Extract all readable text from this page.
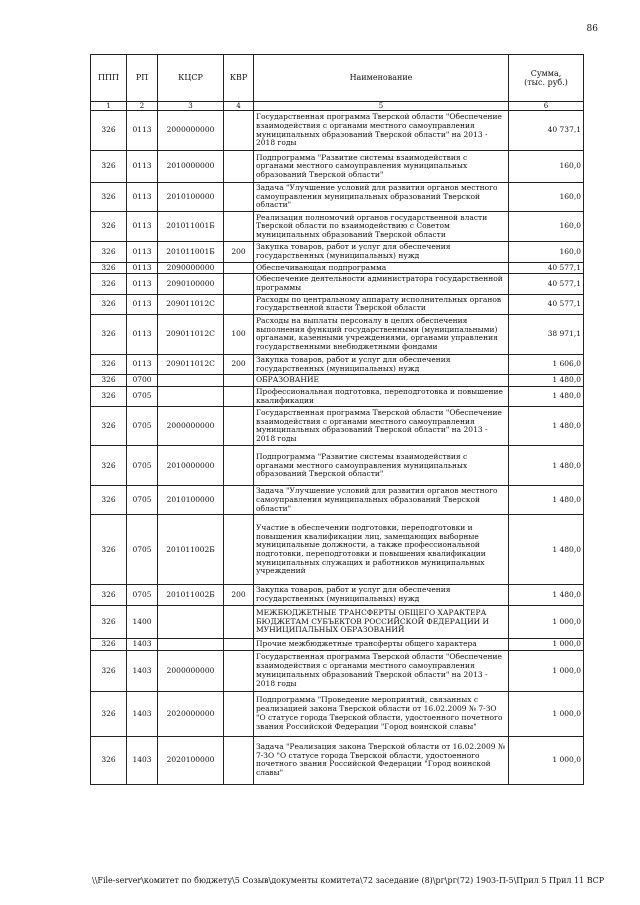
86
ППП	РП	КЦСР	КВР	Наименование	Сумма,
(тыс. руб.)
1	2	3	4	5	6
326	0113	2000000000		Государственная программа Тверской области "Обеспечение взаимодействия с органами местного самоуправления муниципальных образований Тверской области" на 2013 - 2018 годы	40 737,1
326	0113	2010000000		Подпрограмма "Развитие системы взаимодействия с органами местного самоуправления муниципальных образований Тверской области"	160,0
326	0113	2010100000		Задача "Улучшение условий для развития органов местного самоуправления муниципальных образований Тверской области"	160,0
326	0113	201011001Б		Реализация полномочий органов государственной власти Тверской области по взаимодействию с Советом муниципальных образований Тверской области	160,0
326	0113	201011001Б	200	Закупка товаров, работ и услуг для обеспечения государственных (муниципальных) нужд	160,0
326	0113	2090000000		Обеспечивающая подпрограмма	40 577,1
326	0113	2090100000		Обеспечение деятельности администратора государственной программы	40 577,1
326	0113	209011012С		Расходы по центральному аппарату исполнительных органов государственной власти Тверской области	40 577,1
326	0113	209011012С	100	Расходы на выплаты персоналу в целях обеспечения выполнения функций государственными (муниципальными) органами, казенными учреждениями, органами управления государственными внебюджетными фондами	38 971,1
326	0113	209011012С	200	Закупка товаров, работ и услуг для обеспечения государственных (муниципальных) нужд	1 606,0
326	0700			ОБРАЗОВАНИЕ	1 480,0
326	0705			Профессиональная подготовка, переподготовка и повышение квалификации	1 480,0
326	0705	2000000000		Государственная программа Тверской области "Обеспечение взаимодействия с органами местного самоуправления муниципальных образований Тверской области" на 2013 - 2018 годы	1 480,0
326	0705	2010000000		Подпрограмма "Развитие системы взаимодействия с органами местного самоуправления муниципальных образований Тверской области"	1 480,0
326	0705	2010100000		Задача "Улучшение условий для развития органов местного самоуправления муниципальных образований Тверской области"	1 480,0
326	0705	201011002Б		Участие в обеспечении подготовки, переподготовки и повышения квалификации лиц, замещающих выборные муниципальные должности, а также профессиональной подготовки, переподготовки и повышения квалификации муниципальных служащих и работников муниципальных учреждений	1 480,0
326	0705	201011002Б	200	Закупка товаров, работ и услуг для обеспечения государственных (муниципальных) нужд	1 480,0
326	1400			МЕЖБЮДЖЕТНЫЕ ТРАНСФЕРТЫ ОБЩЕГО ХАРАКТЕРА БЮДЖЕТАМ СУБЪЕКТОВ РОССИЙСКОЙ ФЕДЕРАЦИИ И МУНИЦИПАЛЬНЫХ ОБРАЗОВАНИЙ	1 000,0
326	1403			Прочие межбюджетные трансферты общего характера	1 000,0
326	1403	2000000000		Государственная программа Тверской области "Обеспечение взаимодействия с органами местного самоуправления муниципальных образований Тверской области" на 2013 - 2018 годы	1 000,0
326	1403	2020000000		Подпрограмма "Проведение мероприятий, связанных с реализацией закона Тверской области от 16.02.2009 № 7-ЗО "О статусе города Тверской области, удостоенного почетного звания Российской Федерации "Город воинской славы"	1 000,0
326	1403	2020100000		Задача "Реализация закона Тверской области от 16.02.2009 № 7-ЗО "О статусе города Тверской области, удостоенного почетного звания Российской Федерации "Город воинской славы"	1 000,0
\\File-server\комитет по бюджету\5 Созыв\документы комитета\72 заседание (8)\рг\рг(72) 1903-П-5\Прил 5 Прил 11 ВСР
